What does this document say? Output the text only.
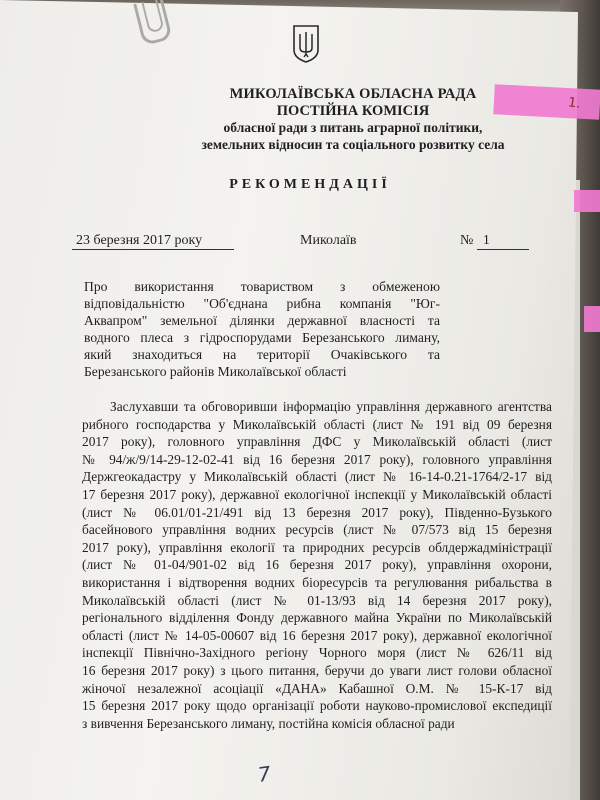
1.
МИКОЛАЇВСЬКА ОБЛАСНА РАДА
ПОСТІЙНА КОМІСІЯ
обласної ради з питань аграрної політики,
земельних відносин та соціального розвитку села
РЕКОМЕНДАЦІЇ
23 березня 2017 року	Миколаїв	№ 1
Про використання товариством з обмеженою
відповідальністю "Об'єднана рибна компанія "Юг-
Аквапром" земельної ділянки державної власності та
водного плеса з гідроспорудами Березанського лиману,
який знаходиться на території Очаківського та
Березанського районів Миколаївської області
Заслухавши та обговоривши інформацію управління державного агентства
рибного господарства у Миколаївській області (лист № 191 від 09 березня
2017 року), головного управління ДФС у Миколаївській області (лист
№ 94/ж/9/14-29-12-02-41 від 16 березня 2017 року), головного управління
Держгеокадастру у Миколаївській області (лист № 16-14-0.21-1764/2-17 від
17 березня 2017 року), державної екологічної інспекції у Миколаївській області
(лист № 06.01/01-21/491 від 13 березня 2017 року), Південно-Бузького
басейнового управління водних ресурсів (лист № 07/573 від 15 березня
2017 року), управління екології та природних ресурсів облдержадміністрації
(лист № 01-04/901-02 від 16 березня 2017 року), управління охорони,
використання і відтворення водних біоресурсів та регулювання рибальства в
Миколаївській області (лист № 01-13/93 від 14 березня 2017 року),
регіонального відділення Фонду державного майна України по Миколаївській
області (лист № 14-05-00607 від 16 березня 2017 року), державної екологічної
інспекції Північно-Західного регіону Чорного моря (лист № 626/11 від
16 березня 2017 року) з цього питання, беручи до уваги лист голови обласної
жіночої незалежної асоціації «ДАНА» Кабашної О.М. № 15-К-17 від
15 березня 2017 року щодо організації роботи науково-промислової експедиції
з вивчення Березанського лиману, постійна комісія обласної ради
7
